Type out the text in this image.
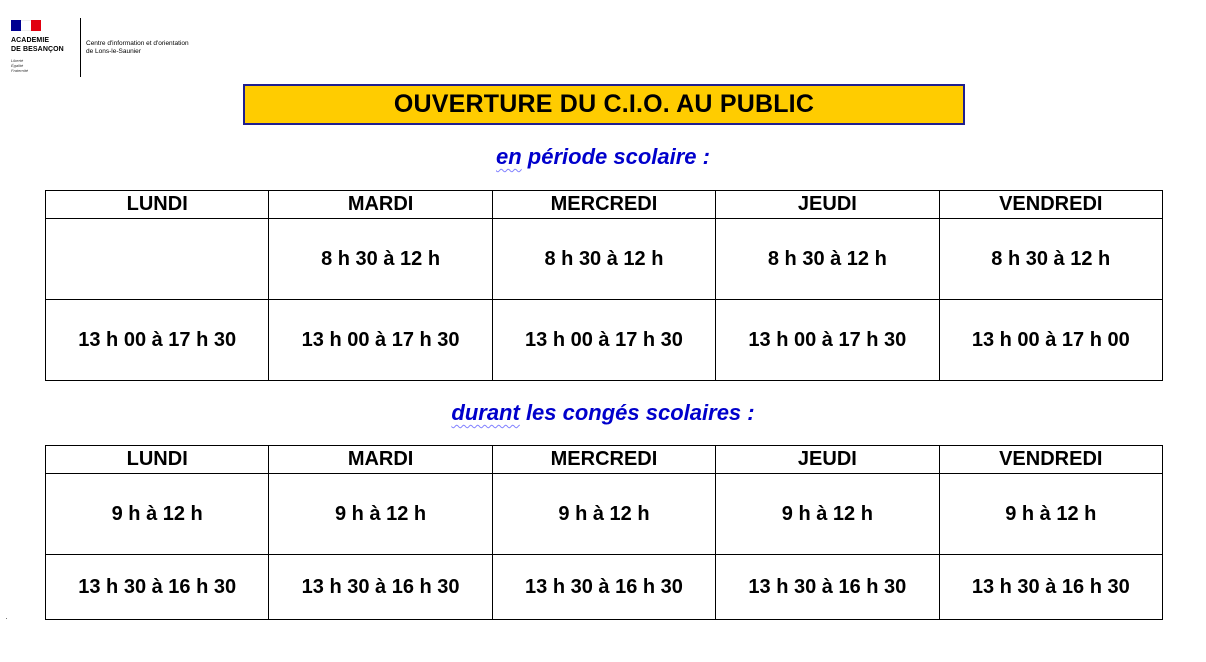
ACADEMIE
DE BESANÇON
Liberté
Égalité
Fraternité
Centre d'information et d'orientation
de Lons-le-Saunier
OUVERTURE DU C.I.O. AU PUBLIC
en période scolaire :
LUNDI	MARDI	MERCREDI	JEUDI	VENDREDI
	8 h 30 à 12 h	8 h 30 à 12 h	8 h 30 à 12 h	8 h 30 à 12 h
13 h 00 à 17 h 30	13 h 00 à 17 h 30	13 h 00 à 17 h 30	13 h 00 à 17 h 30	13 h 00 à 17 h 00
durant les congés scolaires :
LUNDI	MARDI	MERCREDI	JEUDI	VENDREDI
9 h à 12 h	9 h à 12 h	9 h à 12 h	9 h à 12 h	9 h à 12 h
13 h 30 à 16 h 30	13 h 30 à 16 h 30	13 h 30 à 16 h 30	13 h 30 à 16 h 30	13 h 30 à 16 h 30
